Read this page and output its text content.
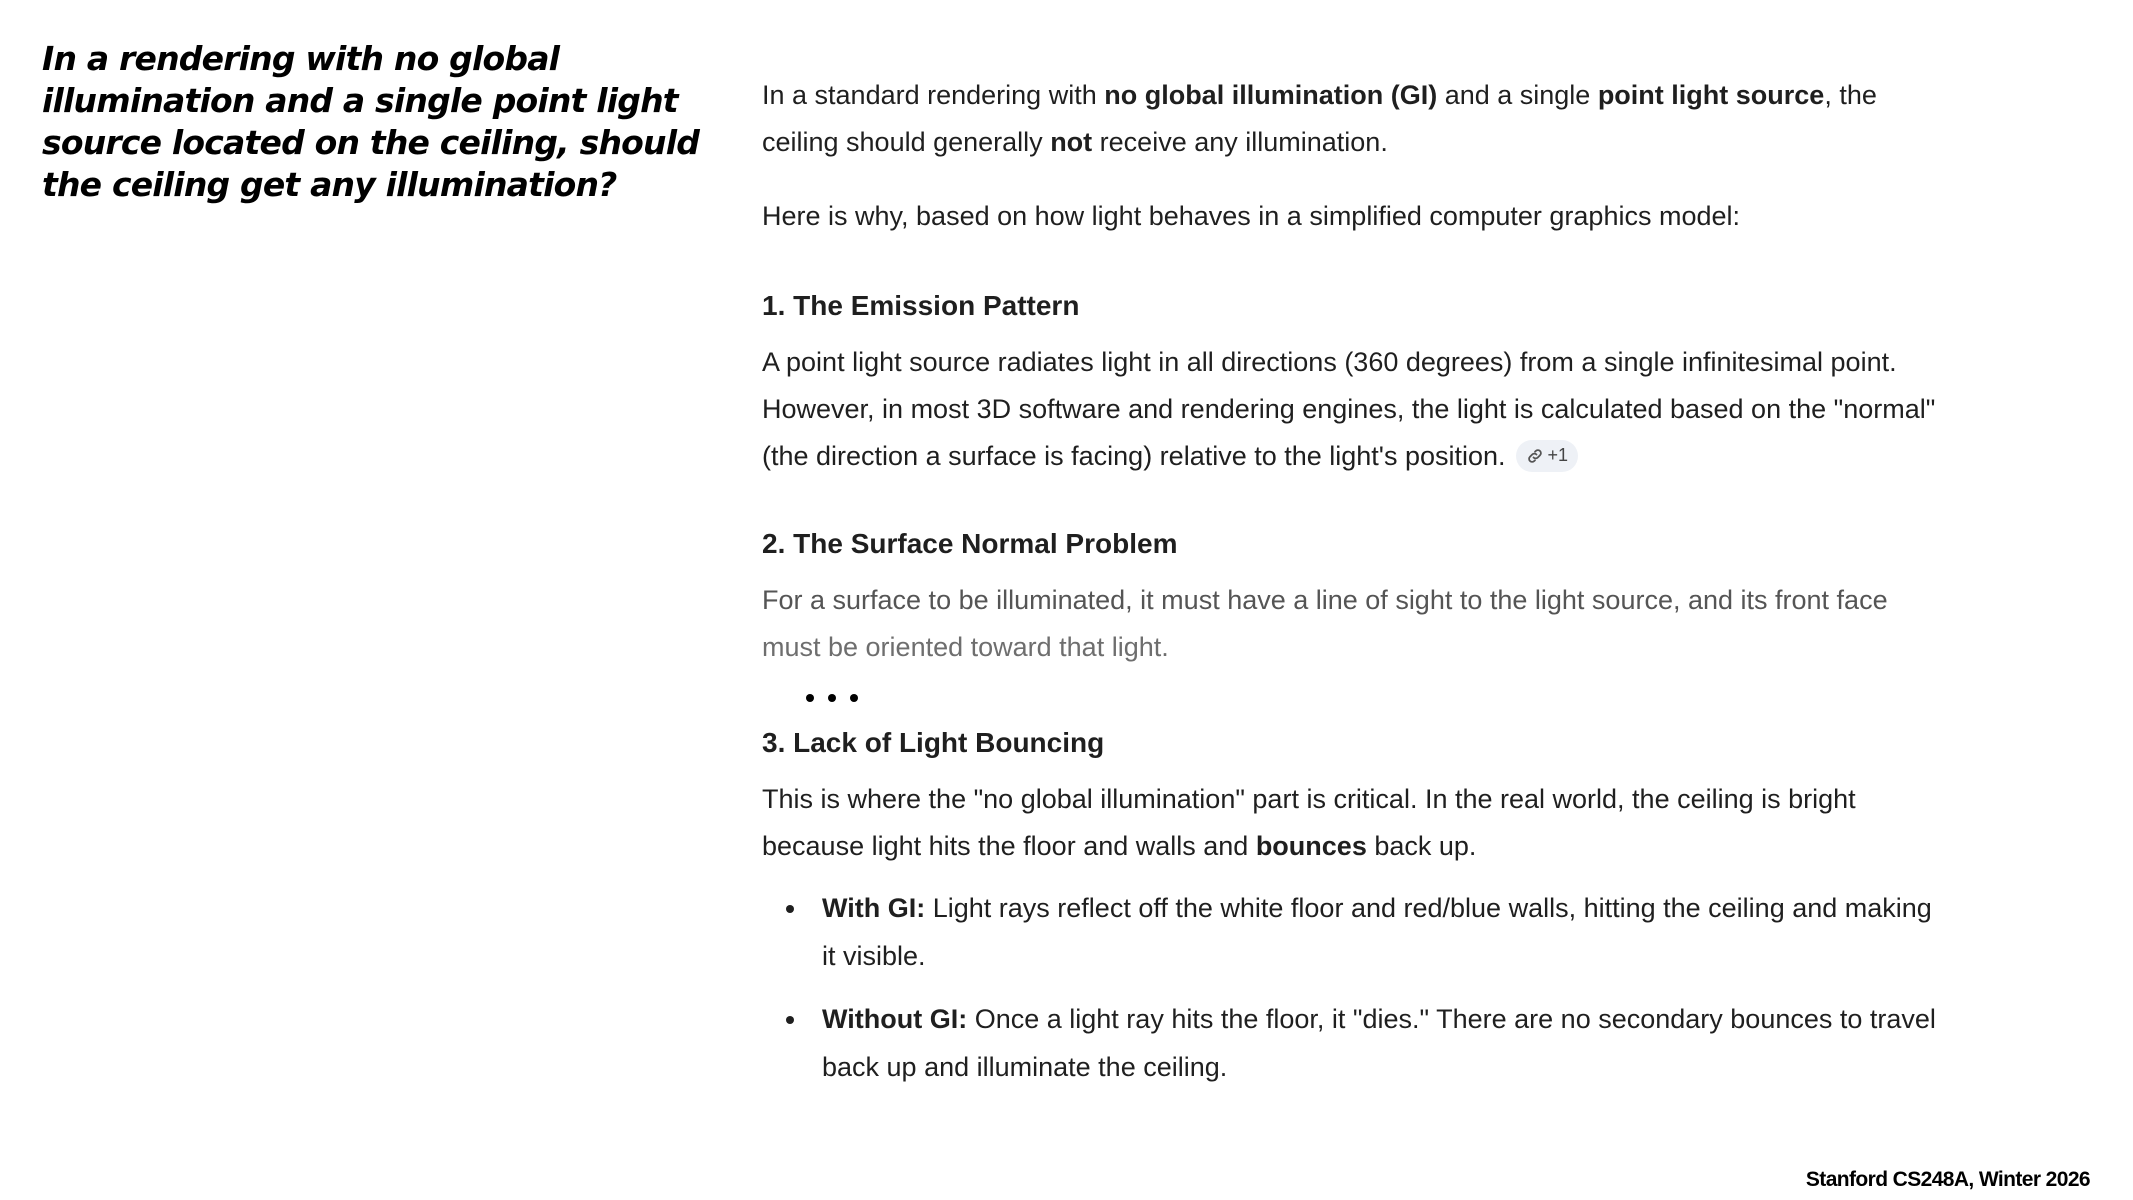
In a rendering with no global illumination and a single point light source located on the ceiling, should the ceiling get any illumination?

In a standard rendering with no global illumination (GI) and a single point light source, the ceiling should generally not receive any illumination.

Here is why, based on how light behaves in a simplified computer graphics model:

1. The Emission Pattern

A point light source radiates light in all directions (360 degrees) from a single infinitesimal point. However, in most 3D software and rendering engines, the light is calculated based on the "normal" (the direction a surface is facing) relative to the light's position. +1

2. The Surface Normal Problem

For a surface to be illuminated, it must have a line of sight to the light source, and its front face
must be oriented toward that light.

3. Lack of Light Bouncing

This is where the "no global illumination" part is critical. In the real world, the ceiling is bright because light hits the floor and walls and bounces back up.

With GI: Light rays reflect off the white floor and red/blue walls, hitting the ceiling and making it visible.
Without GI: Once a light ray hits the floor, it "dies." There are no secondary bounces to travel back up and illuminate the ceiling.
Stanford CS248A, Winter 2026
